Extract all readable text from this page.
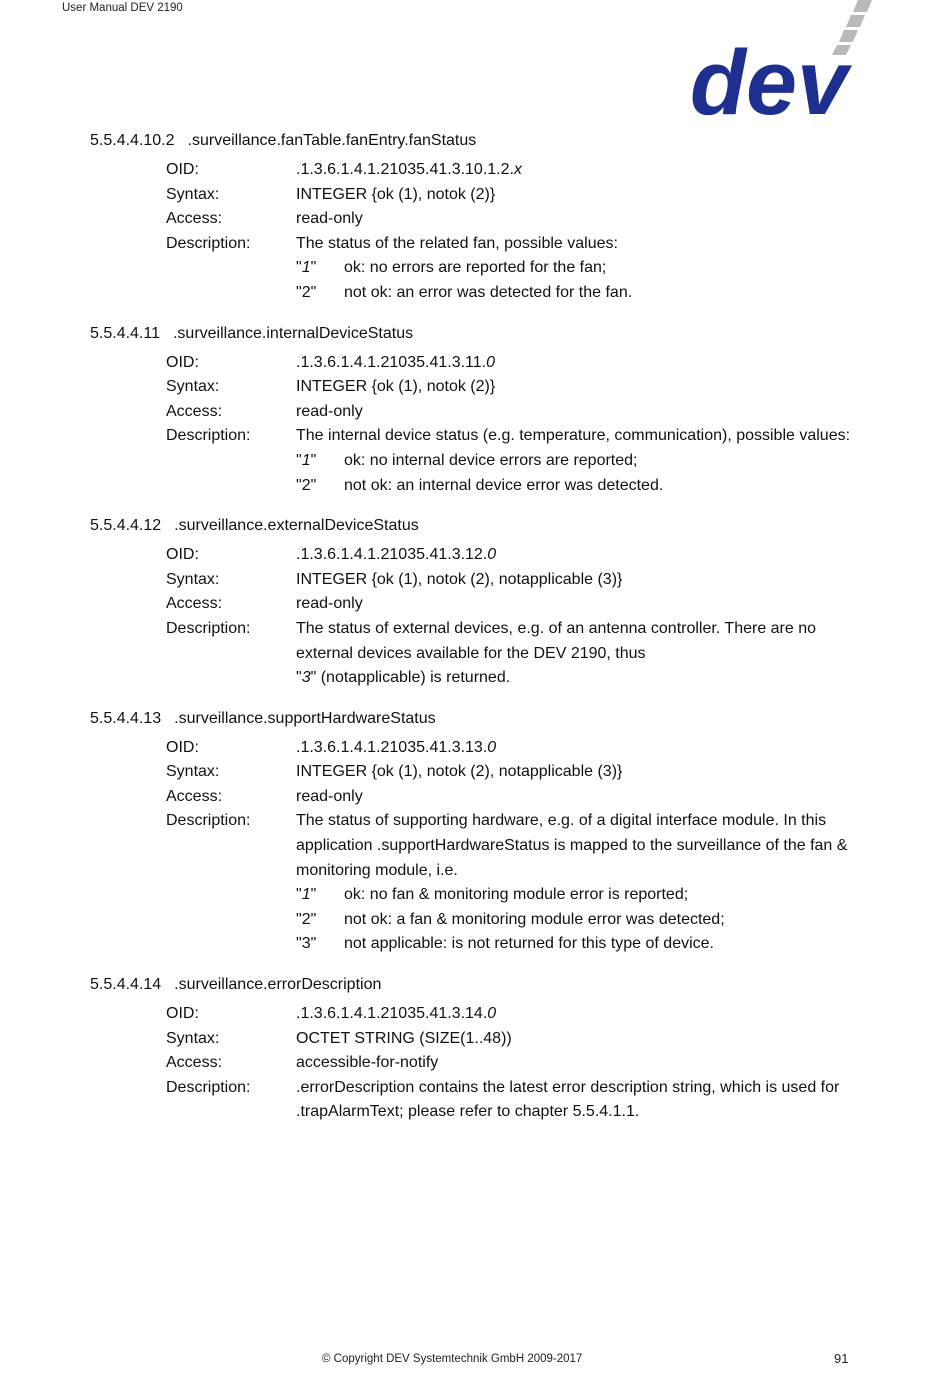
User Manual DEV 2190
dev
5.5.4.4.10.2 .surveillance.fanTable.fanEntry.fanStatus
OID:	.1.3.6.1.4.1.21035.41.3.10.1.2.x
Syntax:	INTEGER {ok (1), notok (2)}
Access:	read-only
Description:	The status of the related fan, possible values:
"1"	ok: no errors are reported for the fan;
"2"	not ok: an error was detected for the fan.
5.5.4.4.11 .surveillance.internalDeviceStatus
OID:	.1.3.6.1.4.1.21035.41.3.11.0
Syntax:	INTEGER {ok (1), notok (2)}
Access:	read-only
Description:	The internal device status (e.g. temperature, communication), possible values:
"1"	ok: no internal device errors are reported;
"2"	not ok: an internal device error was detected.
5.5.4.4.12 .surveillance.externalDeviceStatus
OID:	.1.3.6.1.4.1.21035.41.3.12.0
Syntax:	INTEGER {ok (1), notok (2), notapplicable (3)}
Access:	read-only
Description:	The status of external devices, e.g. of an antenna controller. There are no external devices available for the DEV 2190, thus
"3" (notapplicable) is returned.
5.5.4.4.13 .surveillance.supportHardwareStatus
OID:	.1.3.6.1.4.1.21035.41.3.13.0
Syntax:	INTEGER {ok (1), notok (2), notapplicable (3)}
Access:	read-only
Description:	The status of supporting hardware, e.g. of a digital interface module. In this application .supportHardwareStatus is mapped to the surveillance of the fan & monitoring module, i.e.
"1"	ok: no fan & monitoring module error is reported;
"2"	not ok: a fan & monitoring module error was detected;
"3"	not applicable: is not returned for this type of device.
5.5.4.4.14 .surveillance.errorDescription
OID:	.1.3.6.1.4.1.21035.41.3.14.0
Syntax:	OCTET STRING (SIZE(1..48))
Access:	accessible-for-notify
Description:	.errorDescription contains the latest error description string, which is used for .trapAlarmText; please refer to chapter 5.5.4.1.1.
© Copyright DEV Systemtechnik GmbH 2009-2017	91
